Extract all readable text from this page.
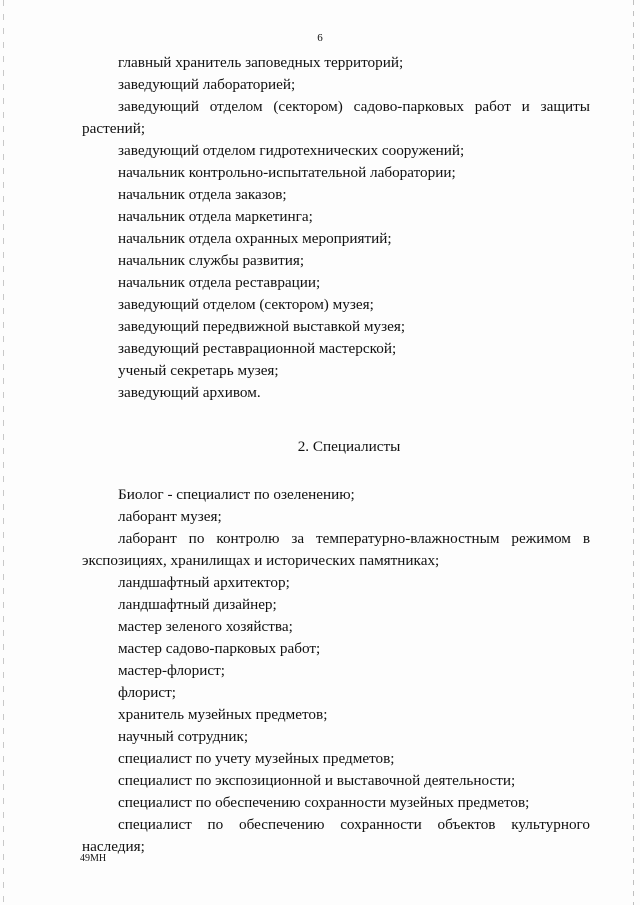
6
главный хранитель заповедных территорий;
заведующий лабораторией;
заведующий отделом (сектором) садово-парковых работ и защиты
растений;
заведующий отделом гидротехнических сооружений;
начальник контрольно-испытательной лаборатории;
начальник отдела заказов;
начальник отдела маркетинга;
начальник отдела охранных мероприятий;
начальник службы развития;
начальник отдела реставрации;
заведующий отделом (сектором) музея;
заведующий передвижной выставкой музея;
заведующий реставрационной мастерской;
ученый секретарь музея;
заведующий архивом.
2. Специалисты
Биолог - специалист по озеленению;
лаборант музея;
лаборант по контролю за температурно-влажностным режимом в
экспозициях, хранилищах и исторических памятниках;
ландшафтный архитектор;
ландшафтный дизайнер;
мастер зеленого хозяйства;
мастер садово-парковых работ;
мастер-флорист;
флорист;
хранитель музейных предметов;
научный сотрудник;
специалист по учету музейных предметов;
специалист по экспозиционной и выставочной деятельности;
специалист по обеспечению сохранности музейных предметов;
специалист по обеспечению сохранности объектов культурного
наследия;
49МН
